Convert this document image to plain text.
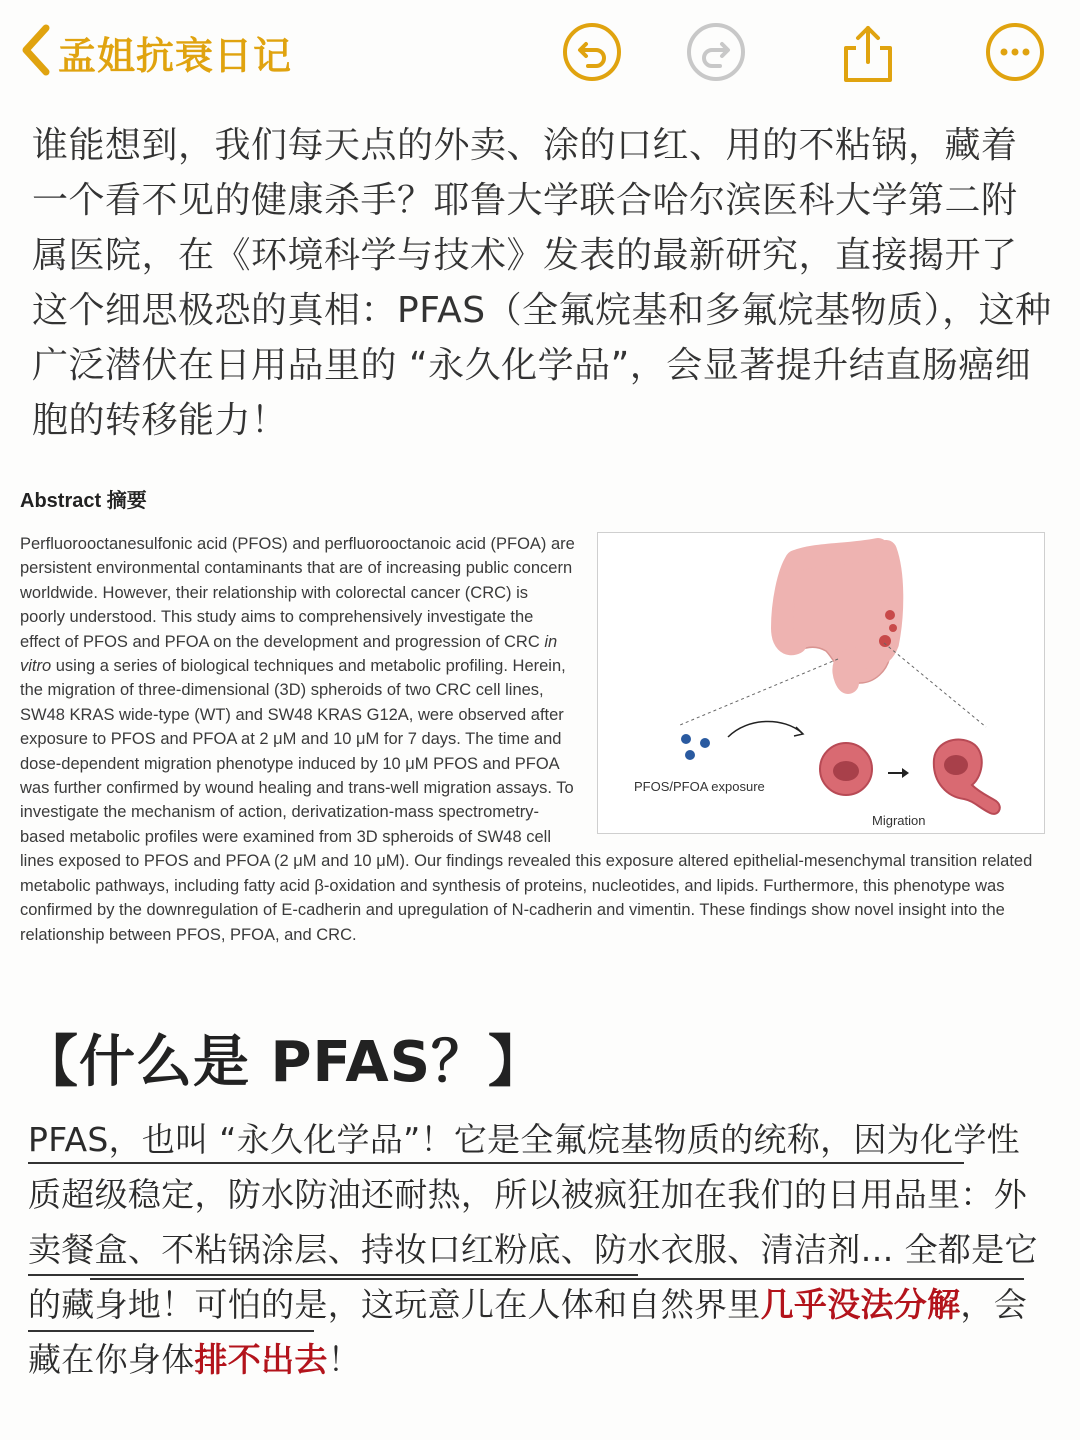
孟姐抗衰日记

谁能想到，我们每天点的外卖、涂的口红、用的不粘锅，藏着一个看不见的健康杀手？耶鲁大学联合哈尔滨医科大学第二附属医院，在《环境科学与技术》发表的最新研究，直接揭开了这个细思极恐的真相：PFAS（全氟烷基和多氟烷基物质），这种广泛潜伏在日用品里的 “永久化学品”，会显著提升结直肠癌细胞的转移能力！

Abstract 摘要
Perfluorooctanesulfonic acid (PFOS) and perfluorooctanoic acid (PFOA) are persistent environmental contaminants that are of increasing public concern worldwide. However, their relationship with colorectal cancer (CRC) is poorly understood. This study aims to comprehensively investigate the effect of PFOS and PFOA on the development and progression of CRC in vitro using a series of biological techniques and metabolic profiling. Herein, the migration of three-dimensional (3D) spheroids of two CRC cell lines, SW48 KRAS wide-type (WT) and SW48 KRAS G12A, were observed after exposure to PFOS and PFOA at 2 μM and 10 μM for 7 days. The time and dose-dependent migration phenotype induced by 10 μM PFOS and PFOA was further confirmed by wound healing and trans-well migration assays. To investigate the mechanism of action, derivatization-mass spectrometry-based metabolic profiles were examined from 3D spheroids of SW48 cell lines exposed to PFOS and PFOA (2 μM and 10 μM). Our findings revealed this exposure altered epithelial-mesenchymal transition related metabolic pathways, including fatty acid β-oxidation and synthesis of proteins, nucleotides, and lipids. Furthermore, this phenotype was confirmed by the downregulation of E-cadherin and upregulation of N-cadherin and vimentin. These findings show novel insight into the relationship between PFOS, PFOA, and CRC.
PFOS/PFOA exposure
Migration
【什么是 PFAS？】

PFAS，也叫 “永久化学品”！它是全氟烷基物质的统称，因为化学性质超级稳定，防水防油还耐热，所以被疯狂加在我们的日用品里：外卖餐盒、不粘锅涂层、持妆口红粉底、防水衣服、清洁剂… 全都是它的藏身地！可怕的是，这玩意儿在人体和自然界里几乎没法分解，会藏在你身体排不出去！
